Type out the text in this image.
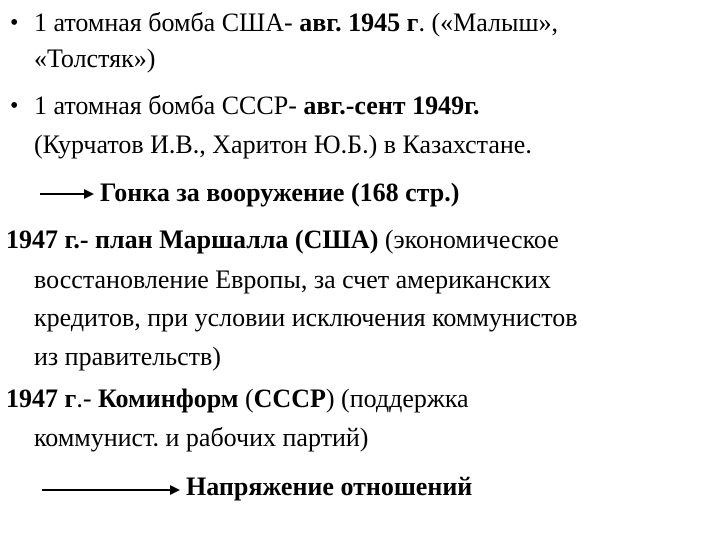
• 1 атомная бомба США- авг. 1945 г. («Малыш»,
«Толстяк»)
• 1 атомная бомба СССР- авг.-сент 1949г.
(Курчатов И.В., Харитон Ю.Б.) в Казахстане.
Гонка за вооружение (168 стр.)
1947 г.- план Маршалла (США) (экономическое
восстановление Европы, за счет американских
кредитов, при условии исключения коммунистов
из правительств)
1947 г.- Коминформ (СССР) (поддержка
коммунист. и рабочих партий)
Напряжение отношений
